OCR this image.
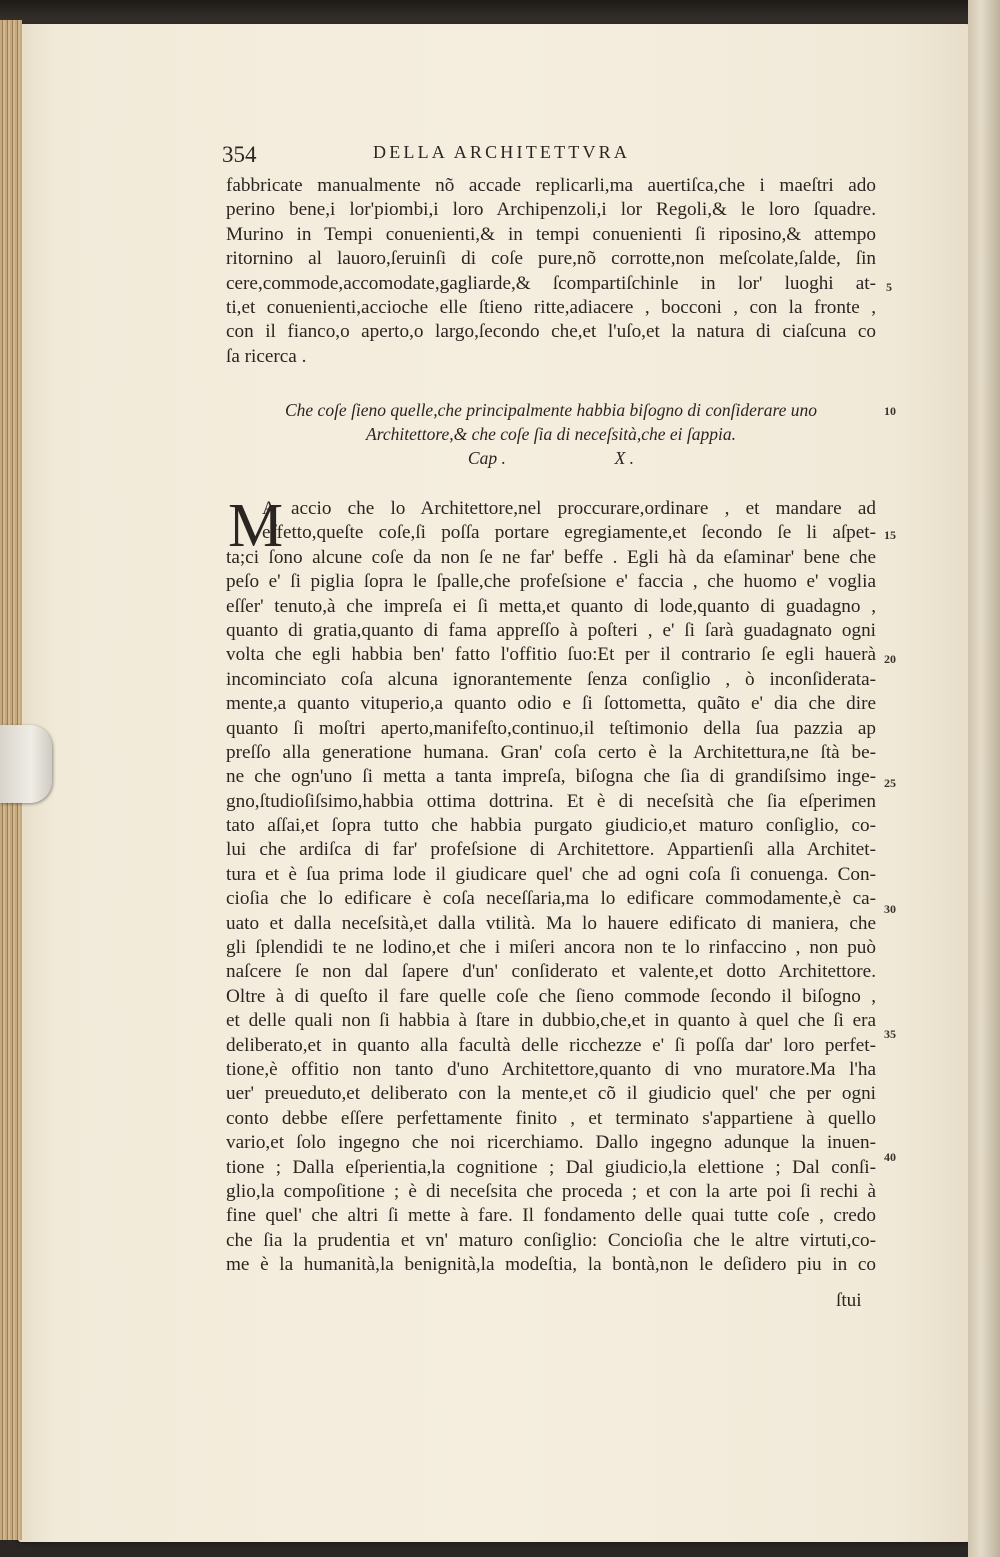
354	DELLA ARCHITETTVRA
fabbricate manualmente nõ accade replicarli,ma auertiſca,che i maeſtri ado
perino bene,i lor'piombi,i loro Archipenzoli,i lor Regoli,& le loro ſquadre.
Murino in Tempi conuenienti,& in tempi conuenienti ſi riposino,& attempo
ritornino al lauoro,ſeruinſi di coſe pure,nõ corrotte,non meſcolate,ſalde, ſin
cere,commode,accomodate,gagliarde,& ſcompartiſchinle in lor' luoghi at-
ti,et conuenienti,accioche elle ſtieno ritte,adiacere , bocconi , con la fronte ,
con il fianco,o aperto,o largo,ſecondo che,et l'uſo,et la natura di ciaſcuna co
ſa ricerca .
Che coſe ſieno quelle,che principalmente habbia biſogno di conſiderare uno
Architettore,& che coſe ſia di neceſsità,che ei ſappia.
Cap .	X .
M
A accio che lo Architettore,nel proccurare,ordinare , et mandare ad
effetto,queſte coſe,ſi poſſa portare egregiamente,et ſecondo ſe li aſpet-
ta;ci ſono alcune coſe da non ſe ne far' beffe . Egli hà da eſaminar' bene che
peſo e' ſi piglia ſopra le ſpalle,che profeſsione e' faccia , che huomo e' voglia
eſſer' tenuto,à che impreſa ei ſi metta,et quanto di lode,quanto di guadagno ,
quanto di gratia,quanto di fama appreſſo à poſteri , e' ſi ſarà guadagnato ogni
volta che egli habbia ben' fatto l'offitio ſuo:Et per il contrario ſe egli hauerà
incominciato coſa alcuna ignorantemente ſenza conſiglio , ò inconſiderata-
mente,a quanto vituperio,a quanto odio e ſi ſottometta, quãto e' dia che dire
quanto ſi moſtri aperto,manifeſto,continuo,il teſtimonio della ſua pazzia ap
preſſo alla generatione humana. Gran' coſa certo è la Architettura,ne ſtà be-
ne che ogn'uno ſi metta a tanta impreſa, biſogna che ſia di grandiſsimo inge-
gno,ſtudioſiſsimo,habbia ottima dottrina. Et è di neceſsità che ſia eſperimen
tato aſſai,et ſopra tutto che habbia purgato giudicio,et maturo conſiglio, co-
lui che ardiſca di far' profeſsione di Architettore. Appartienſi alla Architet-
tura et è ſua prima lode il giudicare quel' che ad ogni coſa ſi conuenga. Con-
cioſia che lo edificare è coſa neceſſaria,ma lo edificare commodamente,è ca-
uato et dalla neceſsità,et dalla vtilità. Ma lo hauere edificato di maniera, che
gli ſplendidi te ne lodino,et che i miſeri ancora non te lo rinfaccino , non può
naſcere ſe non dal ſapere d'un' conſiderato et valente,et dotto Architettore.
Oltre à di queſto il fare quelle coſe che ſieno commode ſecondo il biſogno ,
et delle quali non ſi habbia à ſtare in dubbio,che,et in quanto à quel che ſi era
deliberato,et in quanto alla facultà delle ricchezze e' ſi poſſa dar' loro perfet-
tione,è offitio non tanto d'uno Architettore,quanto di vno muratore.Ma l'ha
uer' preueduto,et deliberato con la mente,et cõ il giudicio quel' che per ogni
conto debbe eſſere perfettamente finito , et terminato s'appartiene à quello
vario,et ſolo ingegno che noi ricerchiamo. Dallo ingegno adunque la inuen-
tione ; Dalla eſperientia,la cognitione ; Dal giudicio,la elettione ; Dal conſi-
glio,la compoſitione ; è di neceſsita che proceda ; et con la arte poi ſi rechi à
fine quel' che altri ſi mette à fare. Il fondamento delle quai tutte coſe , credo
che ſia la prudentia et vn' maturo conſiglio: Concioſia che le altre virtuti,co-
me è la humanità,la benignità,la modeſtia, la bontà,non le deſidero piu in co
ſtui
5
10
15
20
25
30
35
40
